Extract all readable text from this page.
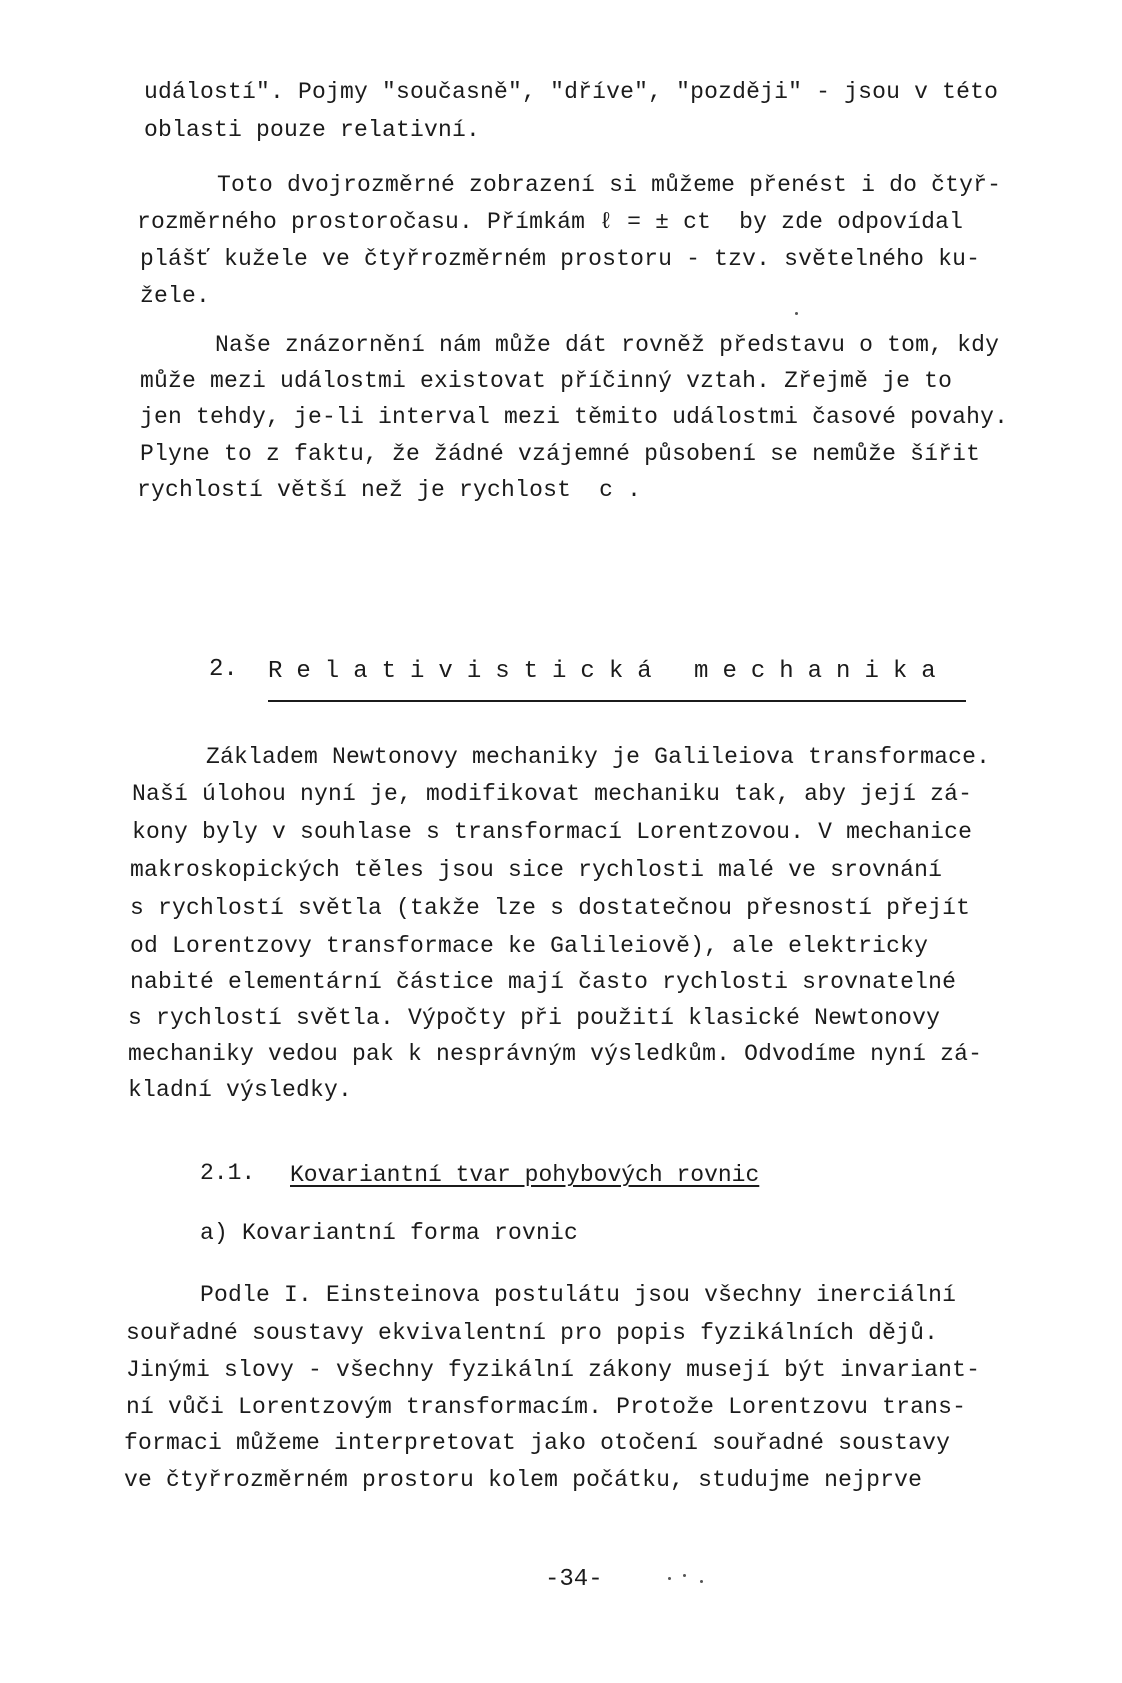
událostí". Pojmy "současně", "dříve", "později" - jsou v této
oblasti pouze relativní.
Toto dvojrozměrné zobrazení si můžeme přenést i do čtyř-
rozměrného prostoročasu. Přímkám ℓ = ± ct  by zde odpovídal
plášť kužele ve čtyřrozměrném prostoru - tzv. světelného ku-
žele.
Naše znázornění nám může dát rovněž představu o tom, kdy
může mezi událostmi existovat příčinný vztah. Zřejmě je to
jen tehdy, je-li interval mezi těmito událostmi časové povahy.
Plyne to z faktu, že žádné vzájemné působení se nemůže šířit
rychlostí větší než je rychlost  c .
2. Relativistická mechanika
Základem Newtonovy mechaniky je Galileiova transformace.
Naší úlohou nyní je, modifikovat mechaniku tak, aby její zá-
kony byly v souhlase s transformací Lorentzovou. V mechanice
makroskopických těles jsou sice rychlosti malé ve srovnání
s rychlostí světla (takže lze s dostatečnou přesností přejít
od Lorentzovy transformace ke Galileiově), ale elektricky
nabité elementární částice mají často rychlosti srovnatelné
s rychlostí světla. Výpočty při použití klasické Newtonovy
mechaniky vedou pak k nesprávným výsledkům. Odvodíme nyní zá-
kladní výsledky.
2.1. Kovariantní tvar pohybových rovnic
a) Kovariantní forma rovnic
Podle I. Einsteinova postulátu jsou všechny inerciální
souřadné soustavy ekvivalentní pro popis fyzikálních dějů.
Jinými slovy - všechny fyzikální zákony musejí být invariant-
ní vůči Lorentzovým transformacím. Protože Lorentzovu trans-
formaci můžeme interpretovat jako otočení souřadné soustavy
ve čtyřrozměrném prostoru kolem počátku, studujme nejprve
-34-
